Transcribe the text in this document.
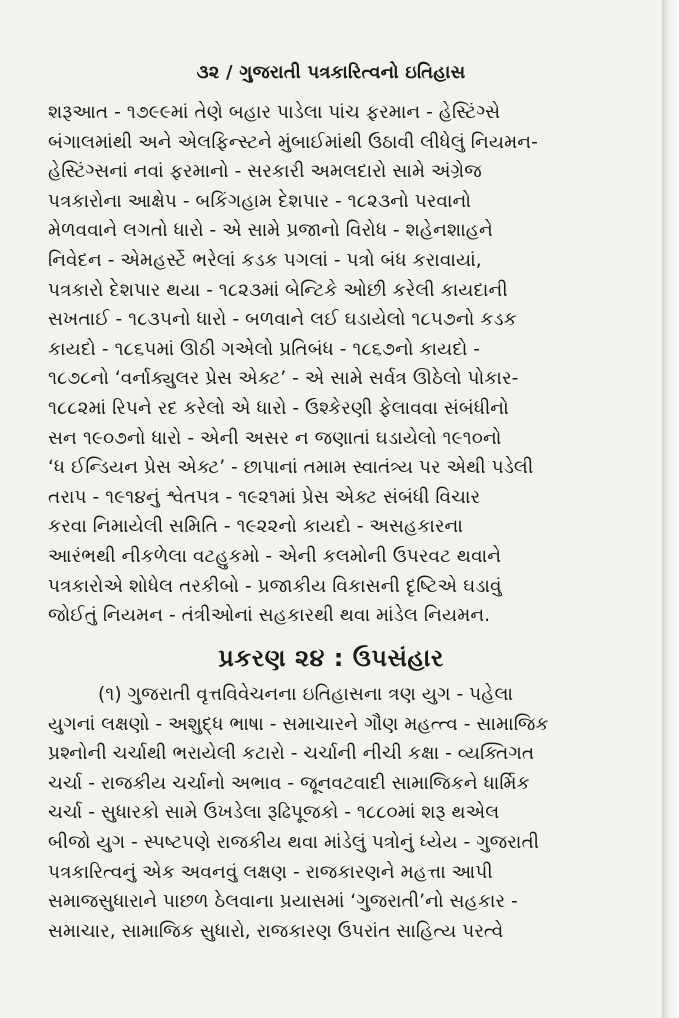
૩૨ / ગુજરાતી પત્રકારિત્વનો ઇતિહાસ
શરૂઆત - ૧૭૯૯માં તેણે બહાર પાડેલા પાંચ ફરમાન - હેસ્ટિંગ્સે
બંગાલમાંથી અને એલફિન્સ્ટને મુંબાઈમાંથી ઉઠાવી લીધેલું નિયમન-
હેસ્ટિંગ્સનાં નવાં ફરમાનો - સરકારી અમલદારો સામે અંગ્રેજ
પત્રકારોના આક્ષેપ - બકિંગહામ દેશપાર - ૧૮૨૩નો પરવાનો
મેળવવાને લગતો ધારો - એ સામે પ્રજાનો વિરોધ - શહેનશાહને
નિવેદન - એમહર્સ્ટે ભરેલાં કડક પગલાં - પત્રો બંધ કરાવાયાં,
પત્રકારો દેશપાર થયા - ૧૮૨૩માં બેન્ટિકે ઓછી કરેલી કાયદાની
સખતાઈ - ૧૮૩૫નો ધારો - બળવાને લઈ ઘડાયેલો ૧૮૫૭નો કડક
કાયદો - ૧૮૬૫માં ઊઠી ગએલો પ્રતિબંધ - ૧૮૬૭નો કાયદો -
૧૮૭૮નો ‘વર્નાક્યુલર પ્રેસ એક્ટ’ - એ સામે સર્વત્ર ઊઠેલો પોકાર-
૧૮૮૨માં રિપને રદ કરેલો એ ધારો - ઉશ્કેરણી ફેલાવવા સંબંધીનો
સન ૧૯૦૭નો ધારો - એની અસર ન જણાતાં ઘડાયેલો ૧૯૧૦નો
‘ધ ઈન્ડિયન પ્રેસ એક્ટ’ - છાપાનાં તમામ સ્વાતંત્ર્ય પર એથી પડેલી
તરાપ - ૧૯૧૪નું શ્વેતપત્ર - ૧૯૨૧માં પ્રેસ એક્ટ સંબંધી વિચાર
કરવા નિમાયેલી સમિતિ - ૧૯૨૨નો કાયદો - અસહકારના
આરંભથી નીકળેલા વટહુકમો - એની કલમોની ઉપરવટ થવાને
પત્રકારોએ શોધેલ તરકીબો - પ્રજાકીય વિકાસની દૃષ્ટિએ ઘડાવું
જોઈતું નિયમન - તંત્રીઓનાં સહકારથી થવા માંડેલ નિયમન.
પ્રકરણ ૨૪ : ઉપસંહાર
(૧) ગુજરાતી વૃત્તવિવેચનના ઇતિહાસના ત્રણ યુગ - પહેલા
યુગનાં લક્ષણો - અશુદ્ધ ભાષા - સમાચારને ગૌણ મહત્ત્વ - સામાજિક
પ્રશ્નોની ચર્ચાથી ભરાયેલી કટારો - ચર્ચાની નીચી કક્ષા - વ્યક્તિગત
ચર્ચા - રાજકીય ચર્ચાનો અભાવ - જૂનવટવાદી સામાજિકને ધાર્મિક
ચર્ચા - સુધારકો સામે ઉખડેલા રૂઢિપૂજકો - ૧૮૮૦માં શરૂ થએલ
બીજો યુગ - સ્પષ્ટપણે રાજકીય થવા માંડેલું પત્રોનું ધ્યેય - ગુજરાતી
પત્રકારિત્વનું એક અવનવું લક્ષણ - રાજકારણને મહત્તા આપી
સમાજસુધારાને પાછળ ઠેલવાના પ્રયાસમાં ‘ગુજરાતી’નો સહકાર -
સમાચાર, સામાજિક સુધારો, રાજકારણ ઉપરાંત સાહિત્ય પરત્વે
